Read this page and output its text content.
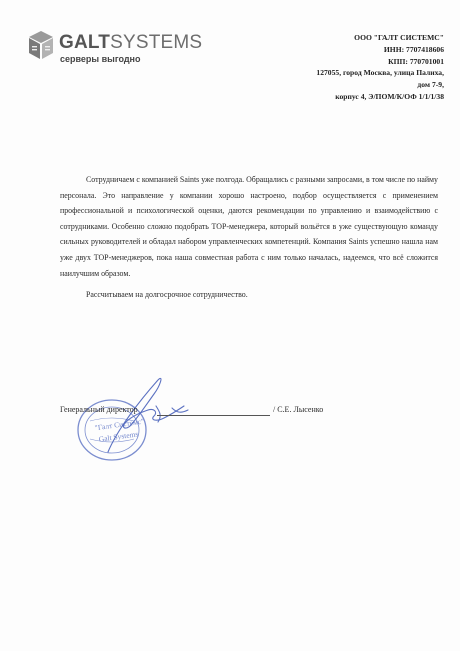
GALTSYSTEMS
серверы выгодно
ООО "ГАЛТ СИСТЕМС"
ИНН: 7707418606
КПП: 770701001
127055, город Москва, улица Палиха,
дом 7-9,
корпус 4, Э/ПОМ/К/ОФ 1/1/1/38

Сотрудничаем с компанией Saints уже полгода. Обращались с разными запросами, в том числе по найму персонала. Это направление у компании хорошо настроено, подбор осуществляется с применением профессиональной и психологической оценки, даются рекомендации по управлению и взаимодействию с сотрудниками. Особенно сложно подобрать ТОР-менеджера, который вольётся в уже существующую команду сильных руководителей и обладал набором управленческих компетенций. Компания Saints успешно нашла нам уже двух ТОР-менеджеров, пока наша совместная работа с ним только началась, надеемся, что всё сложится наилучшим образом.

Рассчитываем на долгосрочное сотрудничество.

"Галт Системс"
Galt Systems
Генеральный директор	/ С.Е. Лысенко
